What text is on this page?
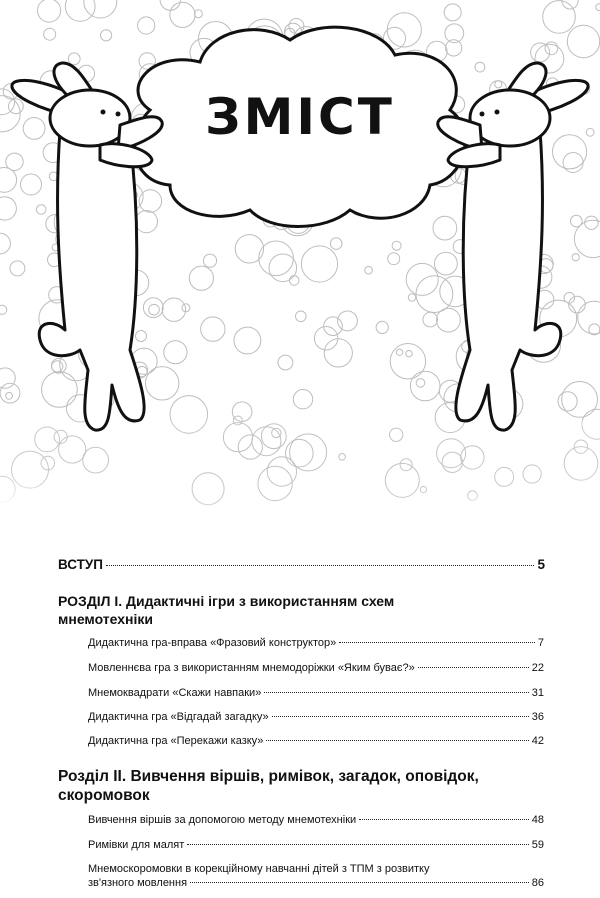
ЗМІСТ
ВСТУП	5
РОЗДІЛ І. Дидактичні ігри з використанням схем
мнемотехніки
Дидактична гра-вправа «Фразовий конструктор»	7
Мовленнєва гра з використанням мнемодоріжки «Яким буває?»	22
Мнемоквадрати «Скажи навпаки»	31
Дидактична гра «Відгадай загадку»	36
Дидактична гра «Перекажи казку»	42
Розділ ІІ. Вивчення віршів, римівок, загадок, оповідок,
скоромовок
Вивчення віршів за допомогою методу мнемотехніки	48
Римівки для малят	59
Мнемоскоромовки в корекційному навчанні дітей з ТПМ з розвитку
зв'язного мовлення	86
